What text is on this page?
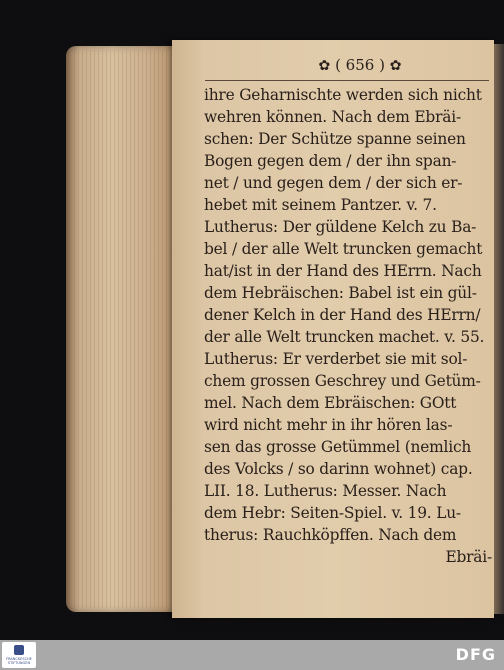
✿ ( 656 ) ✿
ihre Geharnischte werden sich nicht
wehren können. Nach dem Ebräi-
schen: Der Schütze spanne seinen
Bogen gegen dem / der ihn span-
net / und gegen dem / der sich er-
hebet mit seinem Pantzer. v. 7.
Lutherus: Der güldene Kelch zu Ba-
bel / der alle Welt truncken gemacht
hat/ist in der Hand des HErrn. Nach
dem Hebräischen: Babel ist ein gül-
dener Kelch in der Hand des HErrn/
der alle Welt truncken machet. v. 55.
Lutherus: Er verderbet sie mit sol-
chem grossen Geschrey und Getüm-
mel. Nach dem Ebräischen: GOtt
wird nicht mehr in ihr hören las-
sen das grosse Getümmel (nemlich
des Volcks / so darinn wohnet) cap.
LII. 18. Lutherus: Messer. Nach
dem Hebr: Seiten-Spiel. v. 19. Lu-
therus: Rauchköpffen. Nach dem
Ebräi-
FRANCKESCHE STIFTUNGEN	DFG
